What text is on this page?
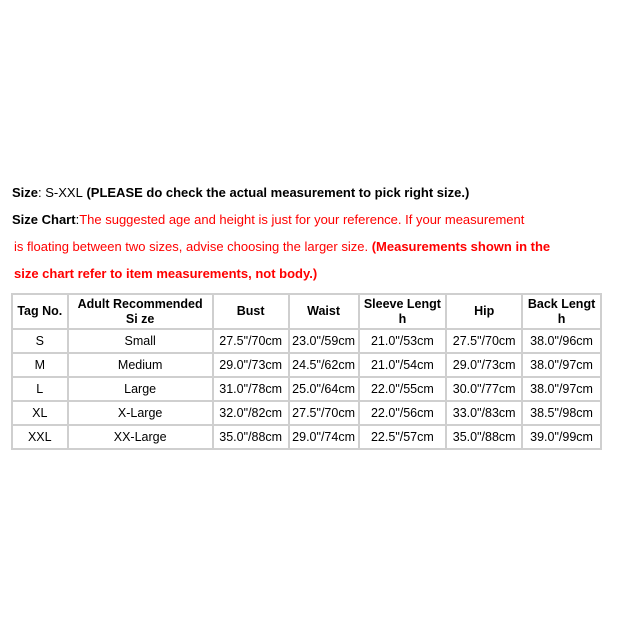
Size: S-XXL (PLEASE do check the actual measurement to pick right size.)
Size Chart:The suggested age and height is just for your reference. If your measurement
is floating between two sizes, advise choosing the larger size. (Measurements shown in the
size chart refer to item measurements, not body.)
Tag No.	Adult Recommended Si ze	Bust	Waist	Sleeve Lengt h	Hip	Back Lengt h
S	Small	27.5"/70cm	23.0"/59cm	21.0"/53cm	27.5"/70cm	38.0"/96cm
M	Medium	29.0"/73cm	24.5"/62cm	21.0"/54cm	29.0"/73cm	38.0"/97cm
L	Large	31.0"/78cm	25.0"/64cm	22.0"/55cm	30.0"/77cm	38.0"/97cm
XL	X-Large	32.0"/82cm	27.5"/70cm	22.0"/56cm	33.0"/83cm	38.5"/98cm
XXL	XX-Large	35.0"/88cm	29.0"/74cm	22.5"/57cm	35.0"/88cm	39.0"/99cm
